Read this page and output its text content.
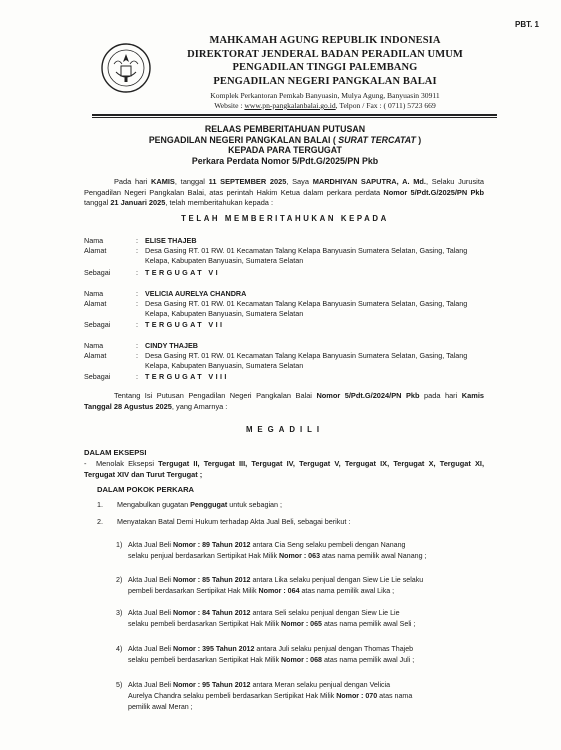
PBT. 1
MAHKAMAH AGUNG REPUBLIK INDONESIA
DIREKTORAT JENDERAL BADAN PERADILAN UMUM
PENGADILAN TINGGI PALEMBANG
PENGADILAN NEGERI PANGKALAN BALAI
Komplek Perkantoran Pemkab Banyuasin, Mulya Agung, Banyuasin 30911
Website : www.pn-pangkalanbalai.go.id, Telpon / Fax : ( 0711) 5723 669
RELAAS PEMBERITAHUAN PUTUSAN
PENGADILAN NEGERI PANGKALAN BALAI ( SURAT TERCATAT )
KEPADA PARA TERGUGAT
Perkara Perdata Nomor 5/Pdt.G/2025/PN Pkb
Pada hari KAMIS, tanggal 11 SEPTEMBER 2025, Saya MARDHIYAN SAPUTRA, A. Md., Selaku Jurusita Pengadilan Negeri Pangkalan Balai, atas perintah Hakim Ketua dalam perkara perdata Nomor 5/Pdt.G/2025/PN Pkb tanggal 21 Januari 2025, telah memberitahukan kepada :
TELAH MEMBERITAHUKAN KEPADA
Nama	: ELISE THAJEB
Alamat	: Desa Gasing RT. 01 RW. 01 Kecamatan Talang Kelapa Banyuasin Sumatera Selatan, Gasing, Talang Kelapa, Kabupaten Banyuasin, Sumatera Selatan
Sebagai	: TERGUGAT VI
Nama	: VELICIA AURELYA CHANDRA
Alamat	: Desa Gasing RT. 01 RW. 01 Kecamatan Talang Kelapa Banyuasin Sumatera Selatan, Gasing, Talang Kelapa, Kabupaten Banyuasin, Sumatera Selatan
Sebagai	: TERGUGAT VII
Nama	: CINDY THAJEB
Alamat	: Desa Gasing RT. 01 RW. 01 Kecamatan Talang Kelapa Banyuasin Sumatera Selatan, Gasing, Talang Kelapa, Kabupaten Banyuasin, Sumatera Selatan
Sebagai	: TERGUGAT VIII
Tentang Isi Putusan Pengadilan Negeri Pangkalan Balai Nomor 5/Pdt.G/2024/PN Pkb pada hari Kamis Tanggal 28 Agustus 2025, yang Amarnya :
MEGADILI
DALAM EKSEPSI
- Menolak Eksepsi Tergugat II, Tergugat III, Tergugat IV, Tergugat V, Tergugat IX, Tergugat X, Tergugat XI, Tergugat XIV dan Turut Tergugat ;
DALAM POKOK PERKARA
1. Mengabulkan gugatan Penggugat untuk sebagian ;
2. Menyatakan Batal Demi Hukum terhadap Akta Jual Beli, sebagai berikut :
1) Akta Jual Beli Nomor : 89 Tahun 2012 antara Cia Seng selaku pembeli dengan Nanang
selaku penjual berdasarkan Sertipikat Hak Milik Nomor : 063 atas nama pemilik awal Nanang ;
2) Akta Jual Beli Nomor : 85 Tahun 2012 antara Lika selaku penjual dengan Siew Lie Lie selaku
pembeli berdasarkan Sertipikat Hak Milik Nomor : 064 atas nama pemilik awal Lika ;
3) Akta Jual Beli Nomor : 84 Tahun 2012 antara Seli selaku penjual dengan Siew Lie Lie
selaku pembeli berdasarkan Sertipikat Hak Milik Nomor : 065 atas nama pemilik awal Seli ;
4) Akta Jual Beli Nomor : 395 Tahun 2012 antara Juli selaku penjual dengan Thomas Thajeb
selaku pembeli berdasarkan Sertipikat Hak Milik Nomor : 068 atas nama pemilik awal Juli ;
5) Akta Jual Beli Nomor : 95 Tahun 2012 antara Meran selaku penjual dengan Velicia
Aurelya Chandra selaku pembeli berdasarkan Sertipikat Hak Milik Nomor : 070 atas nama
pemilik awal Meran ;
